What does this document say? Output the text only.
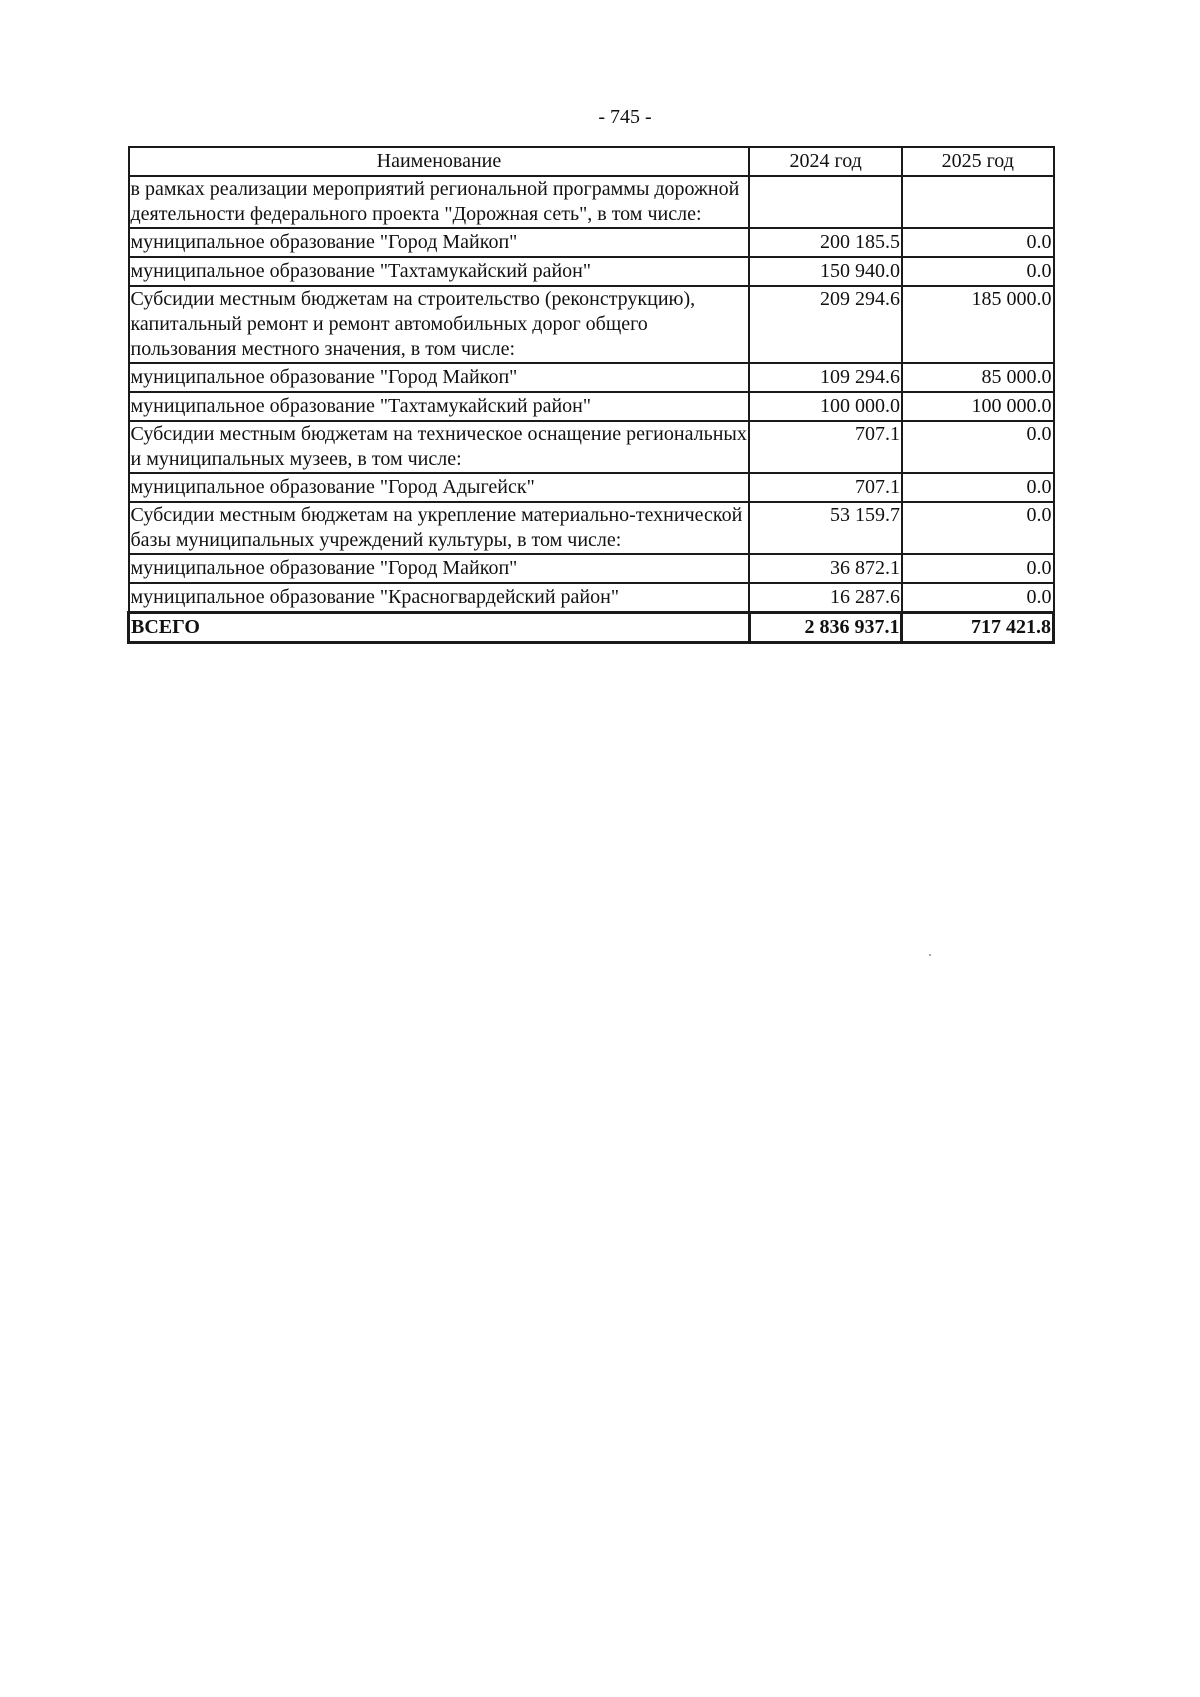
- 745 -
Наименование	2024 год	2025 год
в рамках реализации мероприятий региональной программы дорожной деятельности федерального проекта "Дорожная сеть", в том числе:		
муниципальное образование "Город Майкоп"	200 185.5	0.0
муниципальное образование "Тахтамукайский район"	150 940.0	0.0
Субсидии местным бюджетам на строительство (реконструкцию), капитальный ремонт и ремонт автомобильных дорог общего пользования местного значения, в том числе:	209 294.6	185 000.0
муниципальное образование "Город Майкоп"	109 294.6	85 000.0
муниципальное образование "Тахтамукайский район"	100 000.0	100 000.0
Субсидии местным бюджетам на техническое оснащение региональных и муниципальных музеев, в том числе:	707.1	0.0
муниципальное образование "Город Адыгейск"	707.1	0.0
Субсидии местным бюджетам на укрепление материально-технической базы муниципальных учреждений культуры, в том числе:	53 159.7	0.0
муниципальное образование "Город Майкоп"	36 872.1	0.0
муниципальное образование "Красногвардейский район"	16 287.6	0.0
ВСЕГО	2 836 937.1	717 421.8
